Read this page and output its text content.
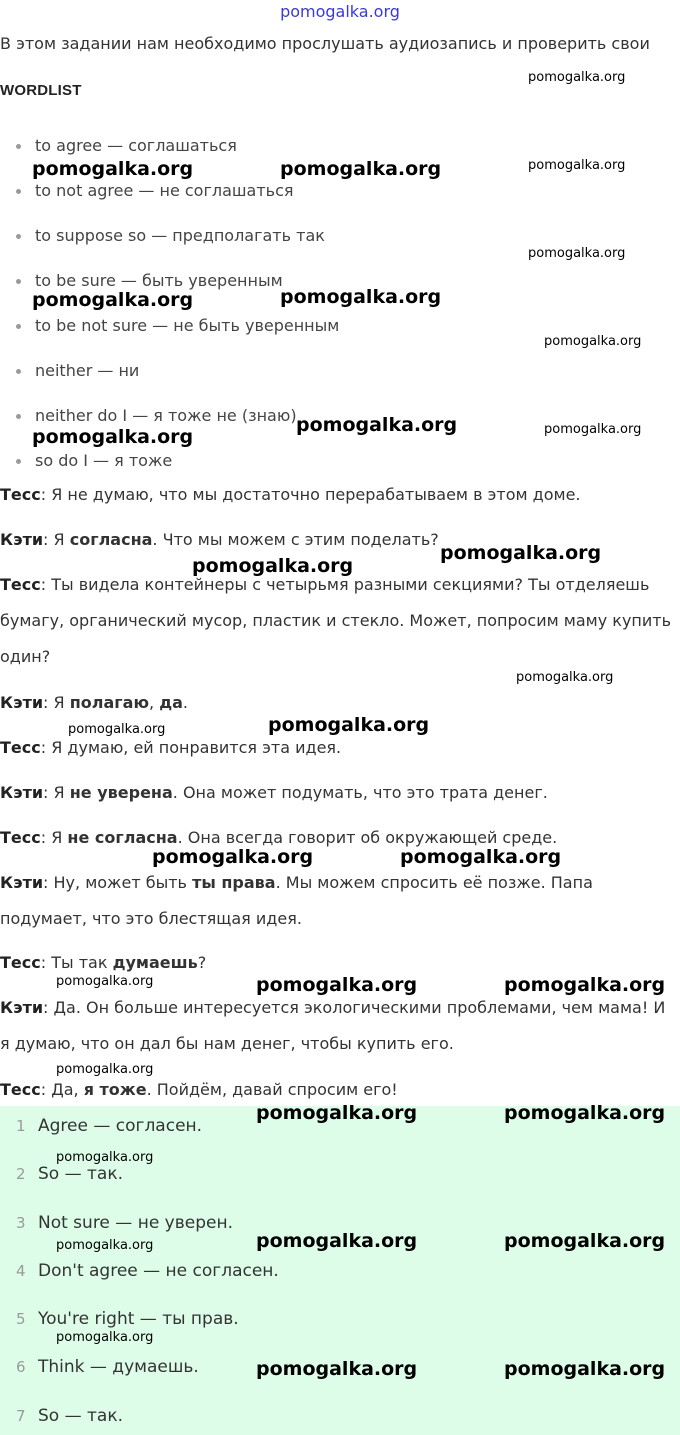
pomogalka.org
В этом задании нам необходимо прослушать аудиозапись и проверить свои
WORDLIST
to agree — соглашаться
to not agree — не соглашаться
to suppose so — предполагать так
to be sure — быть уверенным
to be not sure — не быть уверенным
neither — ни
neither do I — я тоже не (знаю)
so do I — я тоже
Тесс: Я не думаю, что мы достаточно перерабатываем в этом доме.
Кэти: Я согласна. Что мы можем с этим поделать?
Тесс: Ты видела контейнеры с четырьмя разными секциями? Ты отделяешь бумагу, органический мусор, пластик и стекло. Может, попросим маму купить один?
Кэти: Я полагаю, да.
Тесс: Я думаю, ей понравится эта идея.
Кэти: Я не уверена. Она может подумать, что это трата денег.
Тесс: Я не согласна. Она всегда говорит об окружающей среде.
Кэти: Ну, может быть ты права. Мы можем спросить её позже. Папа подумает, что это блестящая идея.
Тесс: Ты так думаешь?
Кэти: Да. Он больше интересуется экологическими проблемами, чем мама! И я думаю, что он дал бы нам денег, чтобы купить его.
Тесс: Да, я тоже. Пойдём, давай спросим его!
1 Agree — согласен.
2 So — так.
3 Not sure — не уверен.
4 Don't agree — не согласен.
5 You're right — ты прав.
6 Think — думаешь.
7 So — так.
pomogalka.org
pomogalka.org	pomogalka.org	pomogalka.org
pomogalka.org
pomogalka.org	pomogalka.org
pomogalka.org
pomogalka.org	pomogalka.org
pomogalka.org
pomogalka.org
pomogalka.org
pomogalka.org
pomogalka.org
pomogalka.org
pomogalka.org	pomogalka.org
pomogalka.org	pomogalka.org	pomogalka.org
pomogalka.org
pomogalka.org	pomogalka.org
pomogalka.org
pomogalka.org	pomogalka.org
pomogalka.org
pomogalka.org
pomogalka.org	pomogalka.org
